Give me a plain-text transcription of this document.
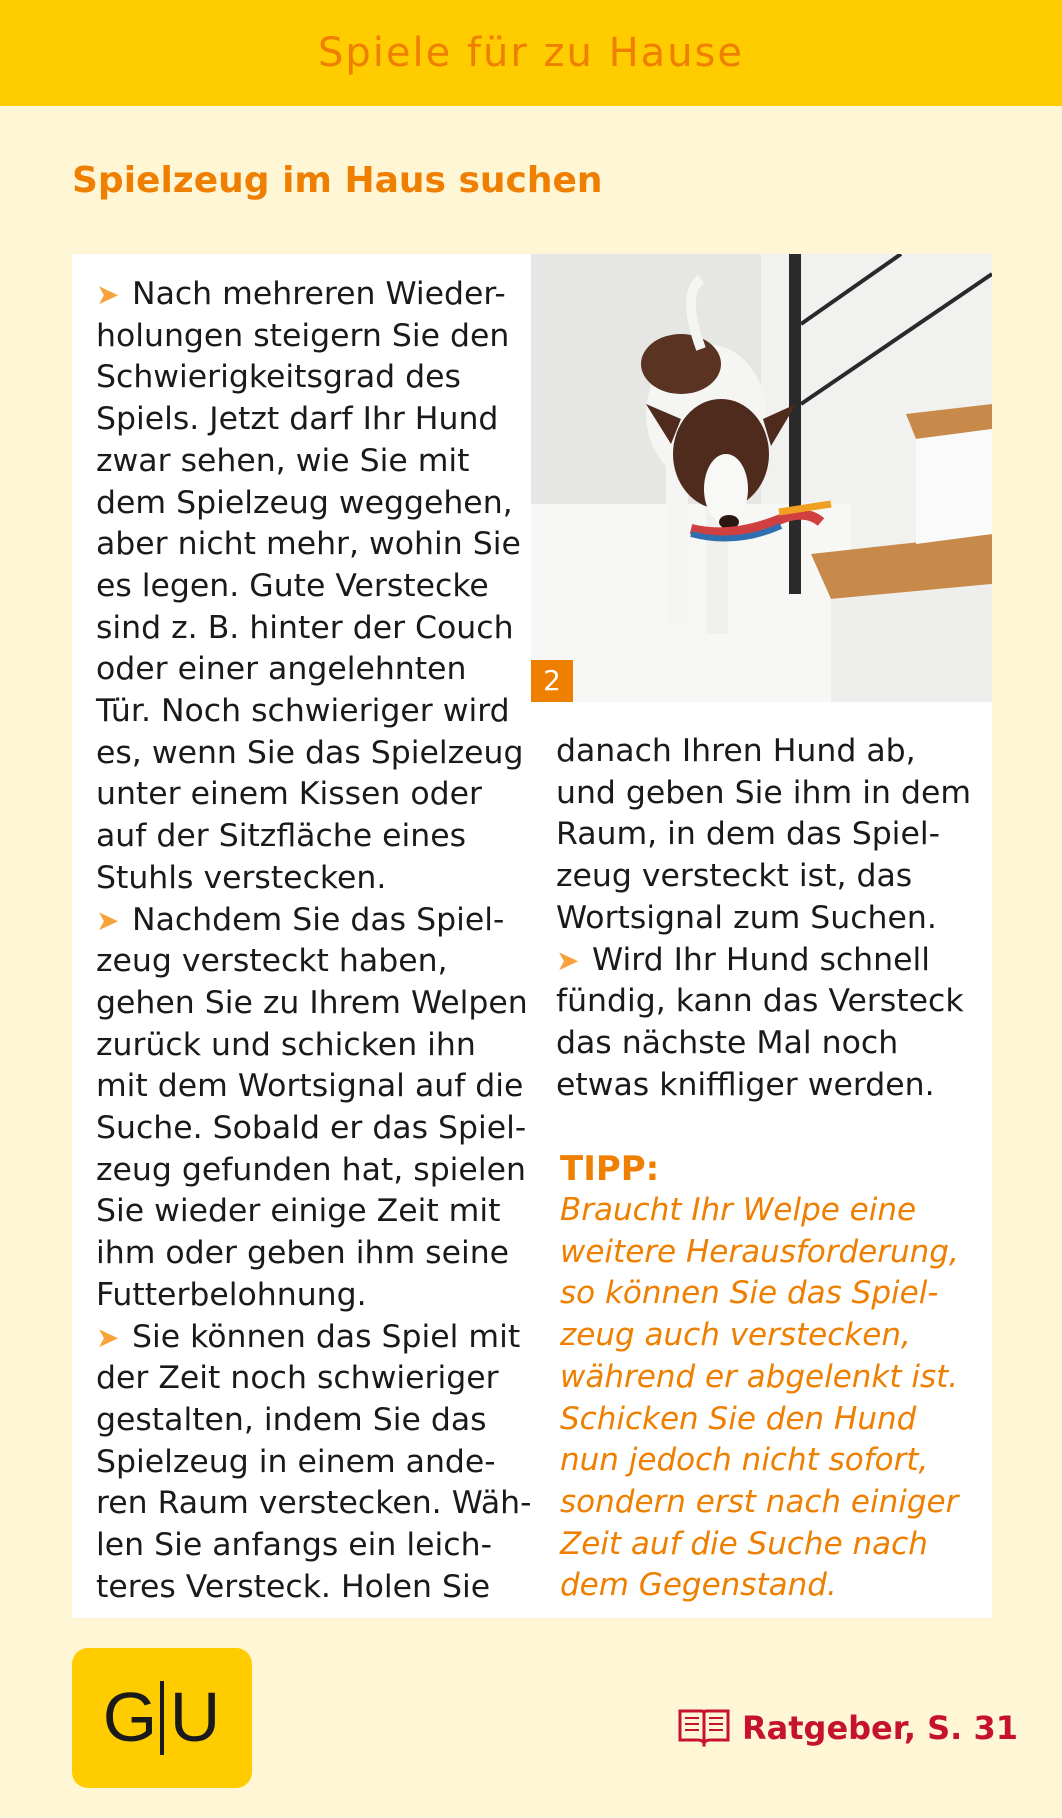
Spiele für zu Hause
Spielzeug im Haus suchen
2
➤ Nach mehreren Wieder-
holungen steigern Sie den
Schwierigkeitsgrad des
Spiels. Jetzt darf Ihr Hund
zwar sehen, wie Sie mit
dem Spielzeug weggehen,
aber nicht mehr, wohin Sie
es legen. Gute Verstecke
sind z. B. hinter der Couch
oder einer angelehnten
Tür. Noch schwieriger wird
es, wenn Sie das Spielzeug
unter einem Kissen oder
auf der Sitzfläche eines
Stuhls verstecken.
➤ Nachdem Sie das Spiel-
zeug versteckt haben,
gehen Sie zu Ihrem Welpen
zurück und schicken ihn
mit dem Wortsignal auf die
Suche. Sobald er das Spiel-
zeug gefunden hat, spielen
Sie wieder einige Zeit mit
ihm oder geben ihm seine
Futterbelohnung.
➤ Sie können das Spiel mit
der Zeit noch schwieriger
gestalten, indem Sie das
Spielzeug in einem ande-
ren Raum verstecken. Wäh-
len Sie anfangs ein leich-
teres Versteck. Holen Sie
danach Ihren Hund ab,
und geben Sie ihm in dem
Raum, in dem das Spiel-
zeug versteckt ist, das
Wortsignal zum Suchen.
➤ Wird Ihr Hund schnell
fündig, kann das Versteck
das nächste Mal noch
etwas kniffliger werden.
TIPP:
Braucht Ihr Welpe eine
weitere Herausforderung,
so können Sie das Spiel-
zeug auch verstecken,
während er abgelenkt ist.
Schicken Sie den Hund
nun jedoch nicht sofort,
sondern erst nach einiger
Zeit auf die Suche nach
dem Gegenstand.
G U	Ratgeber, S. 31
